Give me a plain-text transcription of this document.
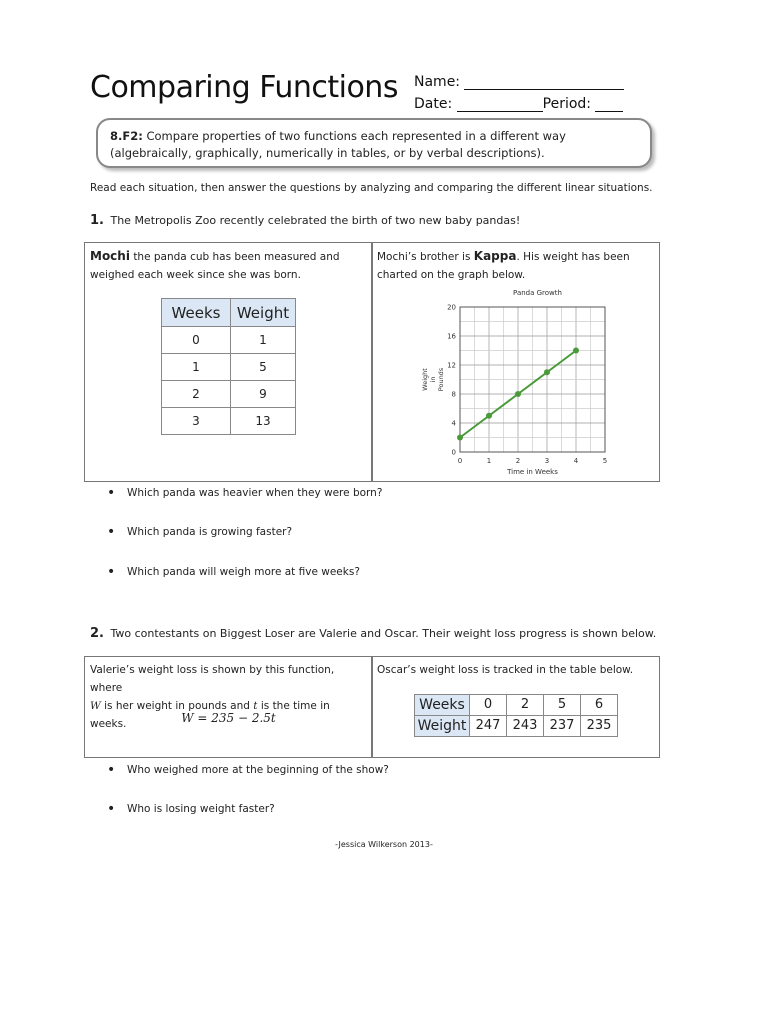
Comparing Functions Name:
Date:	Period:
8.F2: Compare properties of two functions each represented in a different way (algebraically, graphically, numerically in tables, or by verbal descriptions).
Read each situation, then answer the questions by analyzing and comparing the different linear situations.
1. The Metropolis Zoo recently celebrated the birth of two new baby pandas!
Mochi the panda cub has been measured and weighed each week since she was born.
Weeks	Weight
0	1
1	5
2	9
3	13
Mochi’s brother is Kappa. His weight has been charted on the graph below.
0	1	2	3	4	5
0
4
8
12
16
20
Panda Growth
Time in Weeks
Weight in Pounds
• Which panda was heavier when they were born?
• Which panda is growing faster?
• Which panda will weigh more at five weeks?
2. Two contestants on Biggest Loser are Valerie and Oscar. Their weight loss progress is shown below.
Valerie’s weight loss is shown by this function, where
W is her weight in pounds and t is the time in weeks.	W = 235 − 2.5t
Oscar’s weight loss is tracked in the table below.
Weeks	0	2	5	6
Weight	247	243	237	235
• Who weighed more at the beginning of the show?
• Who is losing weight faster?
-Jessica Wilkerson 2013-
